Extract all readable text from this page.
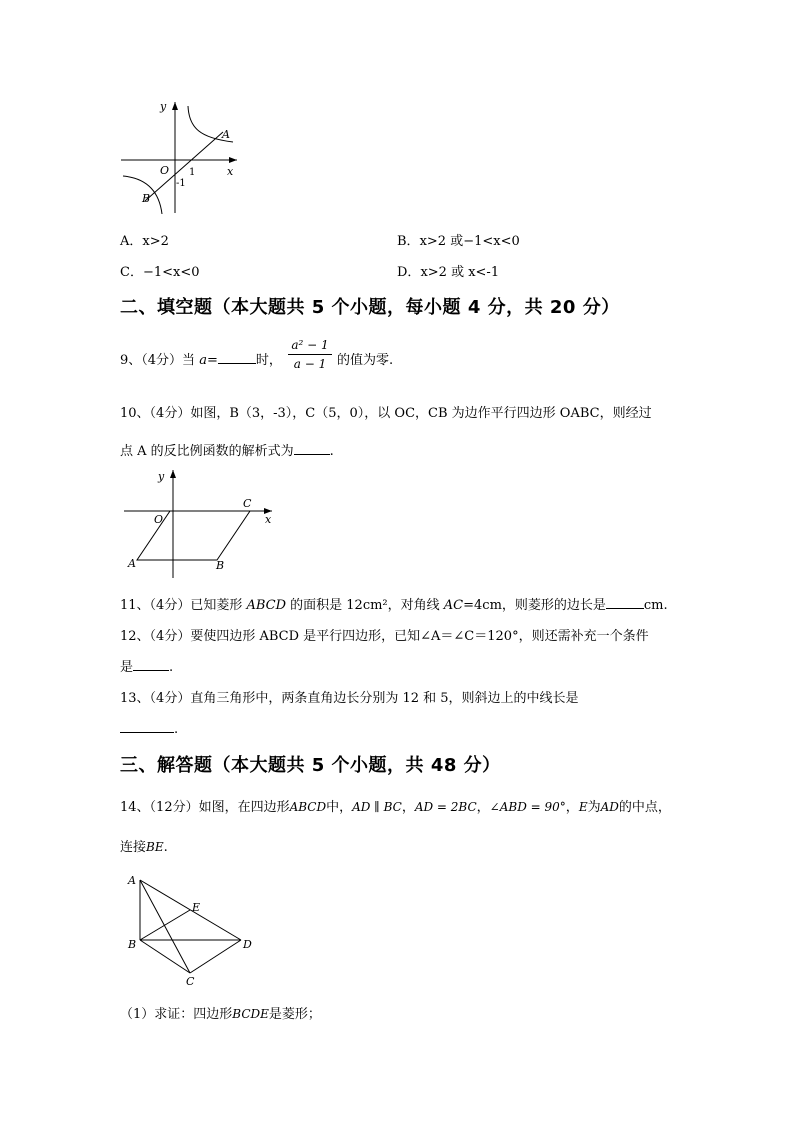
y
x
O 1
-1
A
B
A．x>2	B．x>2 或−1<x<0
C．−1<x<0	D．x>2 或 x<-1
二、填空题（本大题共 5 个小题，每小题 4 分，共 20 分）
9、（4分）当 a=	时，
a² − 1
a − 1 的值为零.
10、（4分）如图，B（3，-3），C（5，0），以 OC，CB 为边作平行四边形 OABC，则经过
点 A 的反比例函数的解析式为	.
y
x
O
C
A	B
11、（4分）已知菱形 ABCD 的面积是 12cm²，对角线 AC=4cm，则菱形的边长是	cm.
12、（4分）要使四边形 ABCD 是平行四边形，已知∠A＝∠C＝120°，则还需补充一个条件
是	.
13、（4分）直角三角形中，两条直角边长分别为 12 和 5，则斜边上的中线长是
.
三、解答题（本大题共 5 个小题，共 48 分）
14、（12分）如图，在四边形ABCD中，AD ∥ BC，AD = 2BC，∠ABD = 90°，E为AD的中点，
连接BE.
A
B
C
D
E
（1）求证：四边形BCDE是菱形；
